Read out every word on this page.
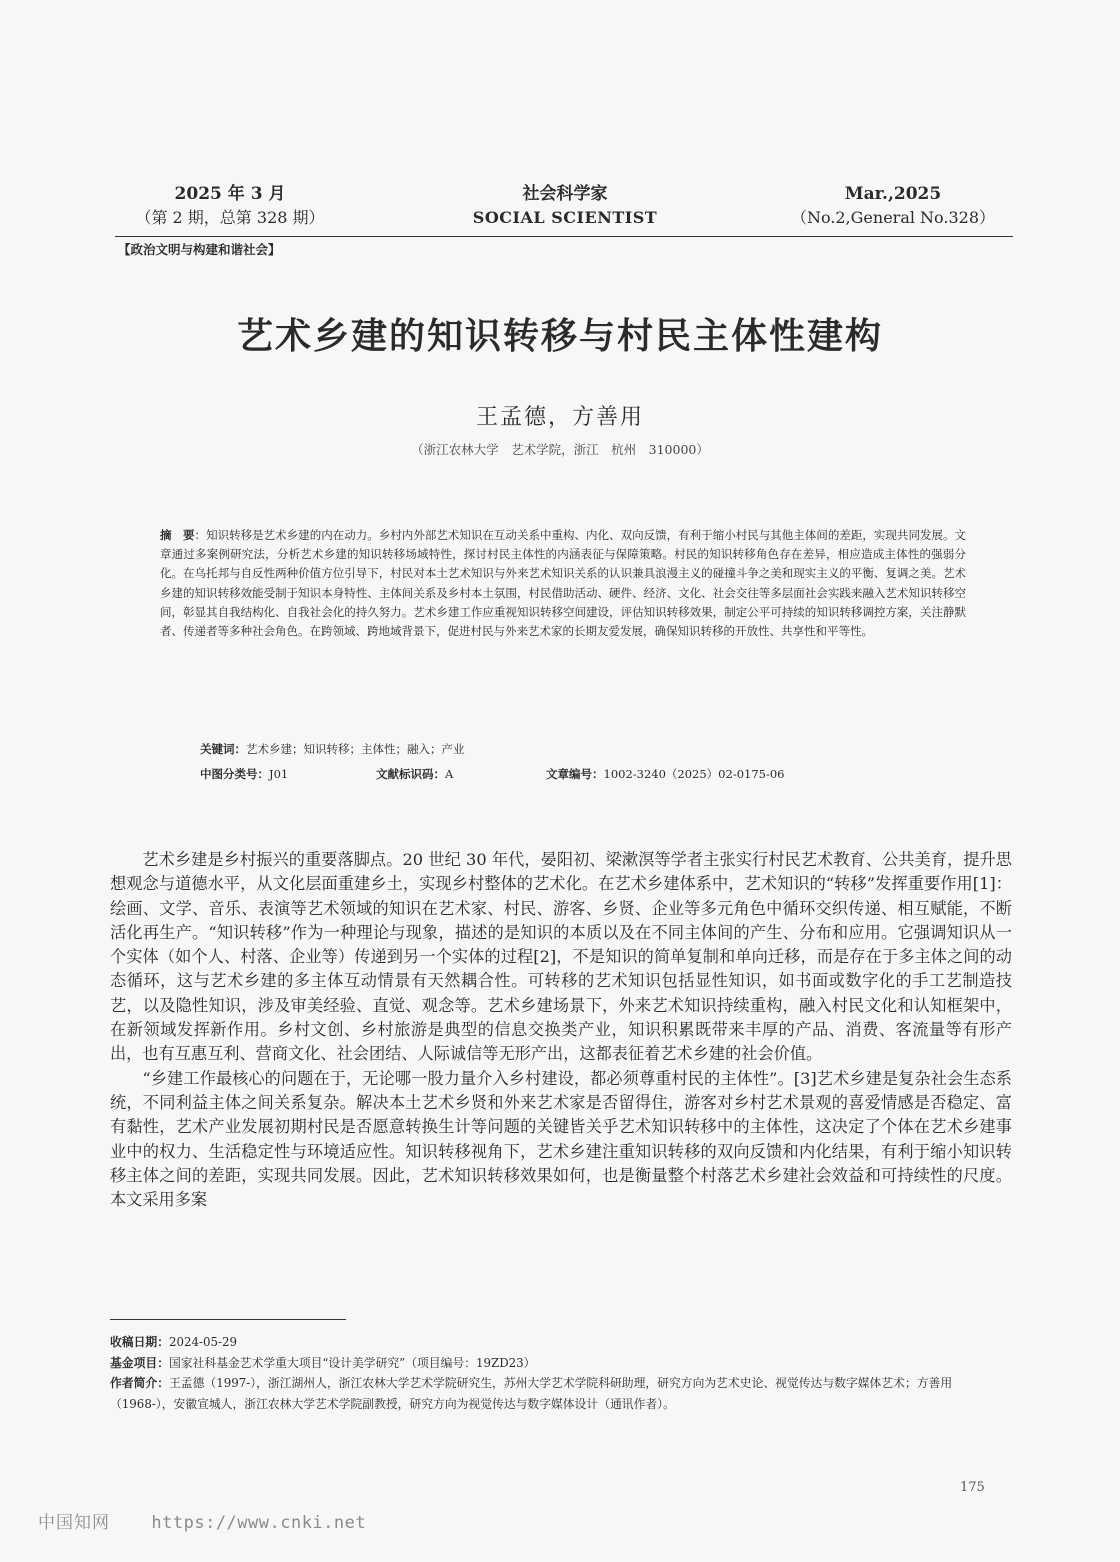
2025 年 3 月
（第 2 期，总第 328 期）
社会科学家
SOCIAL SCIENTIST
Mar.,2025
（No.2,General No.328）
【政治文明与构建和谐社会】
艺术乡建的知识转移与村民主体性建构
王孟德，方善用
（浙江农林大学　艺术学院，浙江　杭州　310000）
摘　要 ： 知识转移是艺术乡建的内在动力。乡村内外部艺术知识在互动关系中重构、内化、双向反馈，有利于缩小村民与其他主体间的差距，实现共同发展。文章通过多案例研究法，分析艺术乡建的知识转移场域特性，探讨村民主体性的内涵表征与保障策略。村民的知识转移角色存在差异，相应造成主体性的强弱分化。在乌托邦与自反性两种价值方位引导下，村民对本土艺术知识与外来艺术知识关系的认识兼具浪漫主义的碰撞斗争之美和现实主义的平衡、复调之美。艺术乡建的知识转移效能受制于知识本身特性、主体间关系及乡村本土氛围，村民借助活动、硬件、经济、文化、社会交往等多层面社会实践来融入艺术知识转移空间，彰显其自我结构化、自我社会化的持久努力。艺术乡建工作应重视知识转移空间建设，评估知识转移效果，制定公平可持续的知识转移调控方案，关注静默者、传递者等多种社会角色。在跨领域、跨地域背景下，促进村民与外来艺术家的长期友爱发展，确保知识转移的开放性、共享性和平等性。
关键词：艺术乡建；知识转移；主体性；融入；产业
中图分类号：J01	文献标识码：A	文章编号：1002-3240（2025）02-0175-06

艺术乡建是乡村振兴的重要落脚点。20 世纪 30 年代，晏阳初、梁漱溟等学者主张实行村民艺术教育、公共美育，提升思想观念与道德水平，从文化层面重建乡土，实现乡村整体的艺术化。在艺术乡建体系中，艺术知识的“转移”发挥重要作用[1]：绘画、文学、音乐、表演等艺术领域的知识在艺术家、村民、游客、乡贤、企业等多元角色中循环交织传递、相互赋能，不断活化再生产。“知识转移”作为一种理论与现象，描述的是知识的本质以及在不同主体间的产生、分布和应用。它强调知识从一个实体（如个人、村落、企业等）传递到另一个实体的过程[2]，不是知识的简单复制和单向迁移，而是存在于多主体之间的动态循环，这与艺术乡建的多主体互动情景有天然耦合性。可转移的艺术知识包括显性知识，如书面或数字化的手工艺制造技艺，以及隐性知识，涉及审美经验、直觉、观念等。艺术乡建场景下，外来艺术知识持续重构，融入村民文化和认知框架中，在新领域发挥新作用。乡村文创、乡村旅游是典型的信息交换类产业，知识积累既带来丰厚的产品、消费、客流量等有形产出，也有互惠互利、营商文化、社会团结、人际诚信等无形产出，这都表征着艺术乡建的社会价值。

“乡建工作最核心的问题在于，无论哪一股力量介入乡村建设，都必须尊重村民的主体性”。[3]艺术乡建是复杂社会生态系统，不同利益主体之间关系复杂。解决本土艺术乡贤和外来艺术家是否留得住，游客对乡村艺术景观的喜爱情感是否稳定、富有黏性，艺术产业发展初期村民是否愿意转换生计等问题的关键皆关乎艺术知识转移中的主体性，这决定了个体在艺术乡建事业中的权力、生活稳定性与环境适应性。知识转移视角下，艺术乡建注重知识转移的双向反馈和内化结果，有利于缩小知识转移主体之间的差距，实现共同发展。因此，艺术知识转移效果如何，也是衡量整个村落艺术乡建社会效益和可持续性的尺度。本文采用多案

收稿日期：2024-05-29
基金项目：国家社科基金艺术学重大项目“设计美学研究”（项目编号：19ZD23）
作者简介：王孟德（1997-），浙江湖州人，浙江农林大学艺术学院研究生，苏州大学艺术学院科研助理，研究方向为艺术史论、视觉传达与数字媒体艺术；方善用（1968-），安徽宣城人，浙江农林大学艺术学院副教授，研究方向为视觉传达与数字媒体设计（通讯作者）。
175
中国知网 https://www.cnki.net
